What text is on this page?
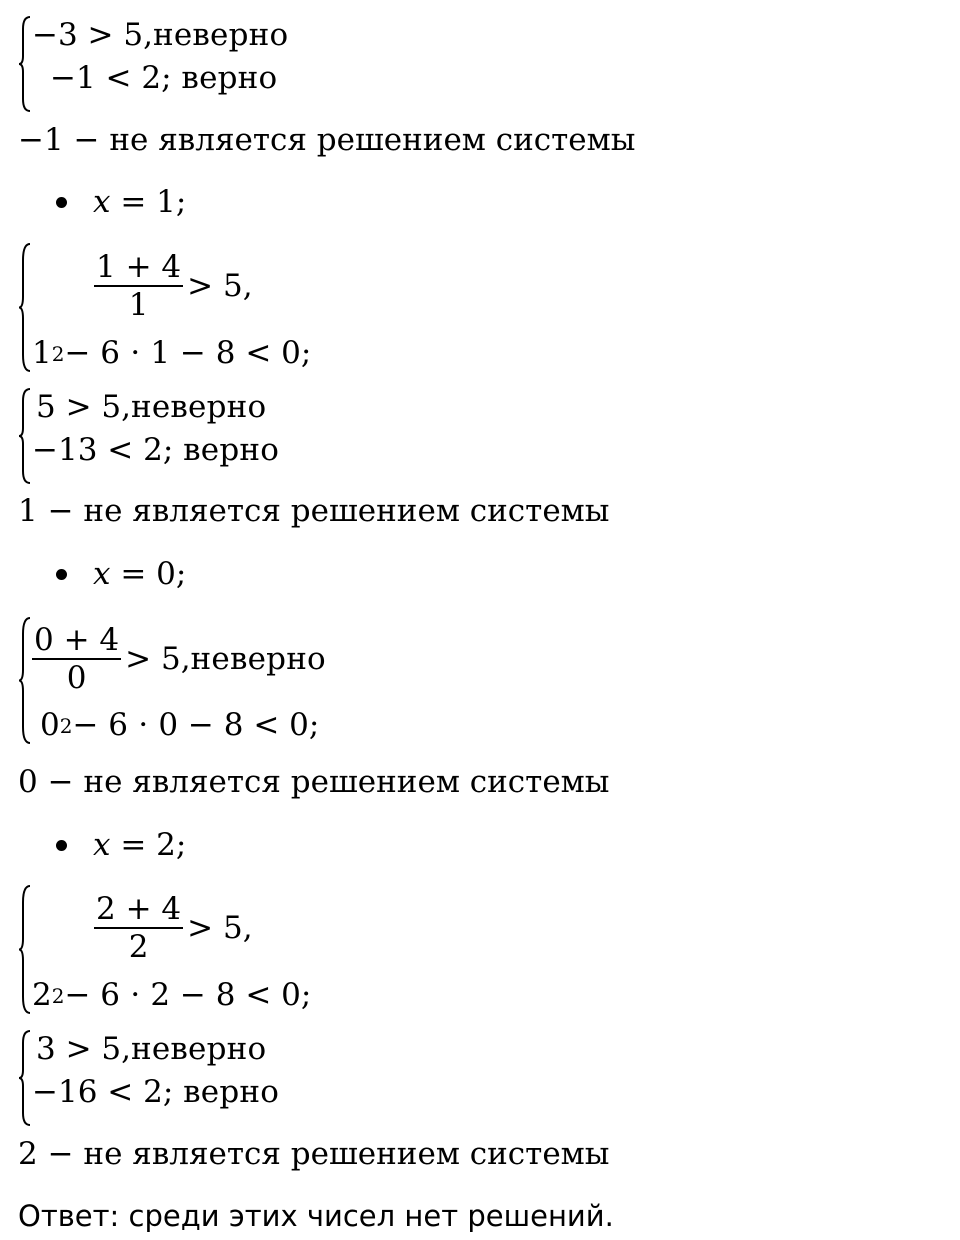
−3 > 5, неверно
−1 < 2;
верно
−1 − не является решением системы
x = 1;
$\frac{1 + 4}{1} > 5$,
1 2 − 6 ⋅ 1 − 8 < 0;
5 > 5, неверно
−13 < 2;
верно
1 − не является решением системы
x = 0;
$\frac{0 + 4}{0} > 5$, неверно
0 2 − 6 ⋅ 0 − 8 < 0;
0 − не является решением системы
x = 2;
$\frac{2 + 4}{2} > 5$,
2 2 − 6 ⋅ 2 − 8 < 0;
3 > 5, неверно
−16 < 2;
верно
2 − не является решением системы
Ответ: среди этих чисел нет решений.
